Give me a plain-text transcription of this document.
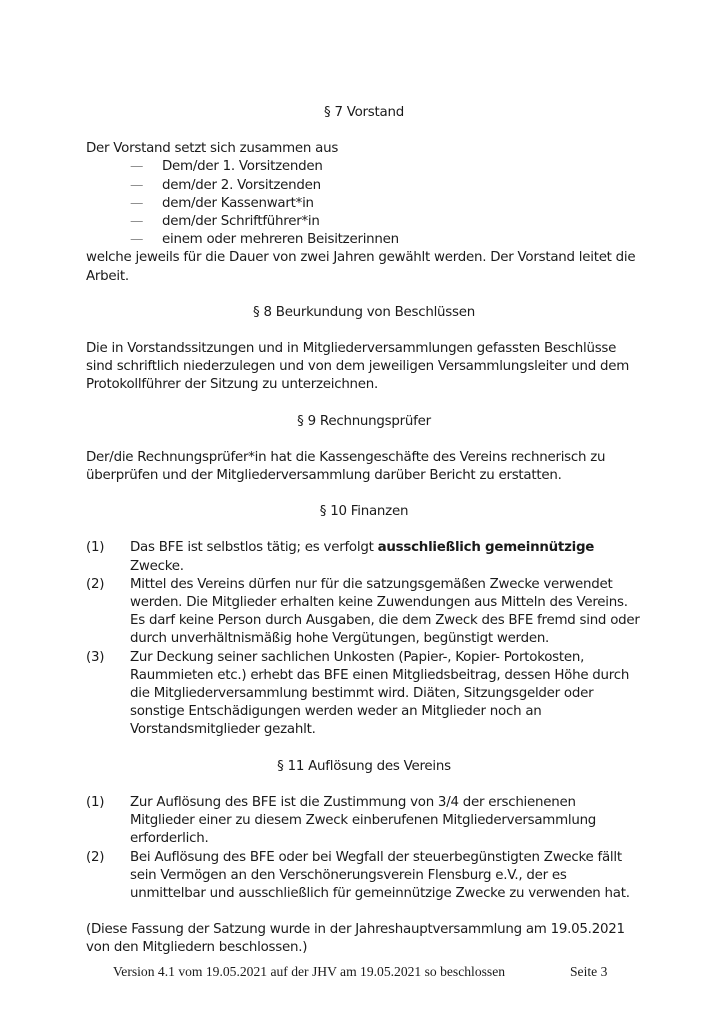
§ 7 Vorstand

Der Vorstand setzt sich zusammen aus

— Dem/der 1. Vorsitzenden
— dem/der 2. Vorsitzenden
— dem/der Kassenwart*in
— dem/der Schriftführer*in
— einem oder mehreren Beisitzerinnen

welche jeweils für die Dauer von zwei Jahren gewählt werden. Der Vorstand leitet die Arbeit.

§ 8 Beurkundung von Beschlüssen

Die in Vorstandssitzungen und in Mitgliederversammlungen gefassten Beschlüsse sind schriftlich niederzulegen und von dem jeweiligen Versammlungsleiter und dem Protokollführer der Sitzung zu unterzeichnen.

§ 9 Rechnungsprüfer

Der/die Rechnungsprüfer*in hat die Kassengeschäfte des Vereins rechnerisch zu überprüfen und der Mitgliederversammlung darüber Bericht zu erstatten.

§ 10 Finanzen
(1) Das BFE ist selbstlos tätig; es verfolgt ausschließlich gemeinnützige Zwecke.
(2) Mittel des Vereins dürfen nur für die satzungsgemäßen Zwecke verwendet werden. Die Mitglieder erhalten keine Zuwendungen aus Mitteln des Vereins. Es darf keine Person durch Ausgaben, die dem Zweck des BFE fremd sind oder durch unverhältnismäßig hohe Vergütungen, begünstigt werden.
(3) Zur Deckung seiner sachlichen Unkosten (Papier-, Kopier- Portokosten, Raummieten etc.) erhebt das BFE einen Mitgliedsbeitrag, dessen Höhe durch die Mitgliederversammlung bestimmt wird. Diäten, Sitzungsgelder oder sonstige Entschädigungen werden weder an Mitglieder noch an Vorstandsmitglieder gezahlt.
§ 11 Auflösung des Vereins
(1) Zur Auflösung des BFE ist die Zustimmung von 3/4 der erschienenen Mitglieder einer zu diesem Zweck einberufenen Mitgliederversammlung erforderlich.
(2) Bei Auflösung des BFE oder bei Wegfall der steuerbegünstigten Zwecke fällt sein Vermögen an den Verschönerungsverein Flensburg e.V., der es unmittelbar und ausschließlich für gemeinnützige Zwecke zu verwenden hat.

(Diese Fassung der Satzung wurde in der Jahreshauptversammlung am 19.05.2021 von den Mitgliedern beschlossen.)

Version 4.1 vom 19.05.2021 auf der JHV am 19.05.2021 so beschlossen	Seite 3
